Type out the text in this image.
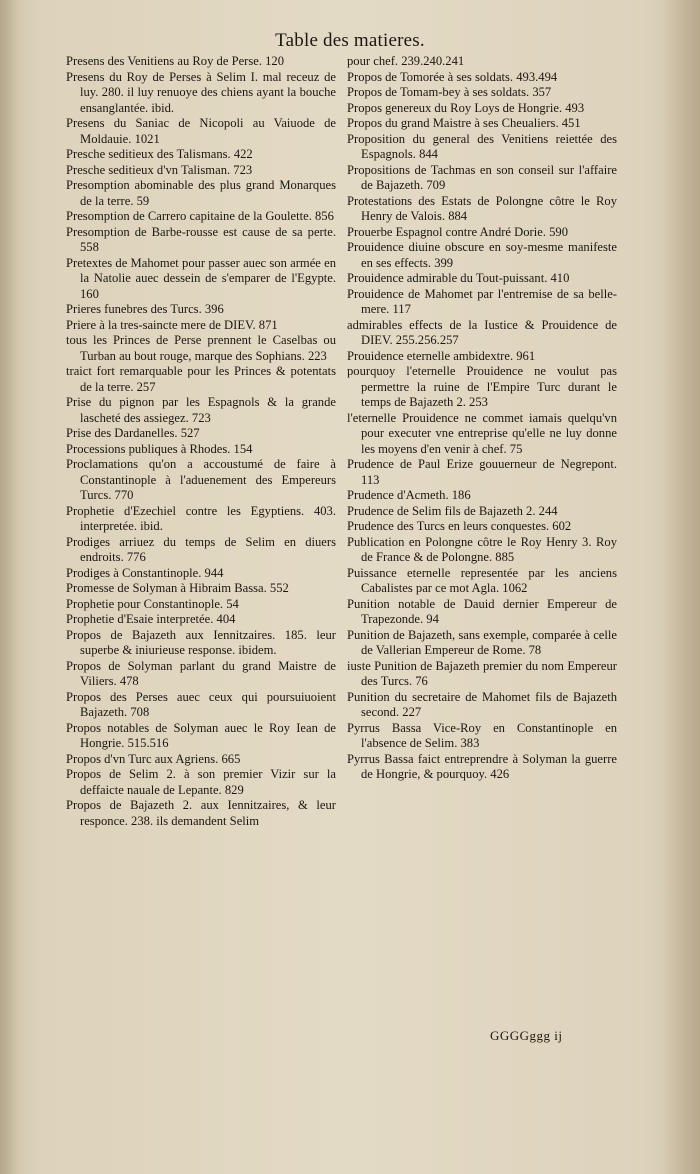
Table des matieres.

Presens des Venitiens au Roy de Perse. 120

Presens du Roy de Perses à Selim I. mal receuz de luy. 280. il luy renuoye des chiens ayant la bouche ensanglantée. ibid.

Presens du Saniac de Nicopoli au Vaiuode de Moldauie. 1021

Presche seditieux des Talismans. 422

Presche seditieux d'vn Talisman. 723

Presomption abominable des plus grand Monarques de la terre. 59

Presomption de Carrero capitaine de la Goulette. 856

Presomption de Barbe-rousse est cause de sa perte. 558

Pretextes de Mahomet pour passer auec son armée en la Natolie auec dessein de s'emparer de l'Egypte. 160

Prieres funebres des Turcs. 396

Priere à la tres-saincte mere de DIEV. 871

tous les Princes de Perse prennent le Caselbas ou Turban au bout rouge, marque des Sophians. 223

traict fort remarquable pour les Princes & potentats de la terre. 257

Prise du pignon par les Espagnols & la grande lascheté des assiegez. 723

Prise des Dardanelles. 527

Processions publiques à Rhodes. 154

Proclamations qu'on a accoustumé de faire à Constantinople à l'aduenement des Empereurs Turcs. 770

Prophetie d'Ezechiel contre les Egyptiens. 403. interpretée. ibid.

Prodiges arriuez du temps de Selim en diuers endroits. 776

Prodiges à Constantinople. 944

Promesse de Solyman à Hibraim Bassa. 552

Prophetie pour Constantinople. 54

Prophetie d'Esaie interpretée. 404

Propos de Bajazeth aux Iennitzaires. 185. leur superbe & iniurieuse response. ibidem.

Propos de Solyman parlant du grand Maistre de Viliers. 478

Propos des Perses auec ceux qui poursuiuoient Bajazeth. 708

Propos notables de Solyman auec le Roy Iean de Hongrie. 515.516

Propos d'vn Turc aux Agriens. 665

Propos de Selim 2. à son premier Vizir sur la deffaicte nauale de Lepante. 829

Propos de Bajazeth 2. aux Iennitzaires, & leur responce. 238. ils demandent Selim

pour chef. 239.240.241

Propos de Tomorée à ses soldats. 493.494

Propos de Tomam-bey à ses soldats. 357

Propos genereux du Roy Loys de Hongrie. 493

Propos du grand Maistre à ses Cheualiers. 451

Proposition du general des Venitiens reiettée des Espagnols. 844

Propositions de Tachmas en son conseil sur l'affaire de Bajazeth. 709

Protestations des Estats de Polongne côtre le Roy Henry de Valois. 884

Prouerbe Espagnol contre André Dorie. 590

Prouidence diuine obscure en soy-mesme manifeste en ses effects. 399

Prouidence admirable du Tout-puissant. 410

Prouidence de Mahomet par l'entremise de sa belle-mere. 117

admirables effects de la Iustice & Prouidence de DIEV. 255.256.257

Prouidence eternelle ambidextre. 961

pourquoy l'eternelle Prouidence ne voulut pas permettre la ruine de l'Empire Turc durant le temps de Bajazeth 2. 253

l'eternelle Prouidence ne commet iamais quelqu'vn pour executer vne entreprise qu'elle ne luy donne les moyens d'en venir à chef. 75

Prudence de Paul Erize gouuerneur de Negrepont. 113

Prudence d'Acmeth. 186

Prudence de Selim fils de Bajazeth 2. 244

Prudence des Turcs en leurs conquestes. 602

Publication en Polongne côtre le Roy Henry 3. Roy de France & de Polongne. 885

Puissance eternelle representée par les anciens Cabalistes par ce mot Agla. 1062

Punition notable de Dauid dernier Empereur de Trapezonde. 94

Punition de Bajazeth, sans exemple, comparée à celle de Vallerian Empereur de Rome. 78

iuste Punition de Bajazeth premier du nom Empereur des Turcs. 76

Punition du secretaire de Mahomet fils de Bajazeth second. 227

Pyrrus Bassa Vice-Roy en Constantinople en l'absence de Selim. 383

Pyrrus Bassa faict entreprendre à Solyman la guerre de Hongrie, & pourquoy. 426

GGGGggg ij
